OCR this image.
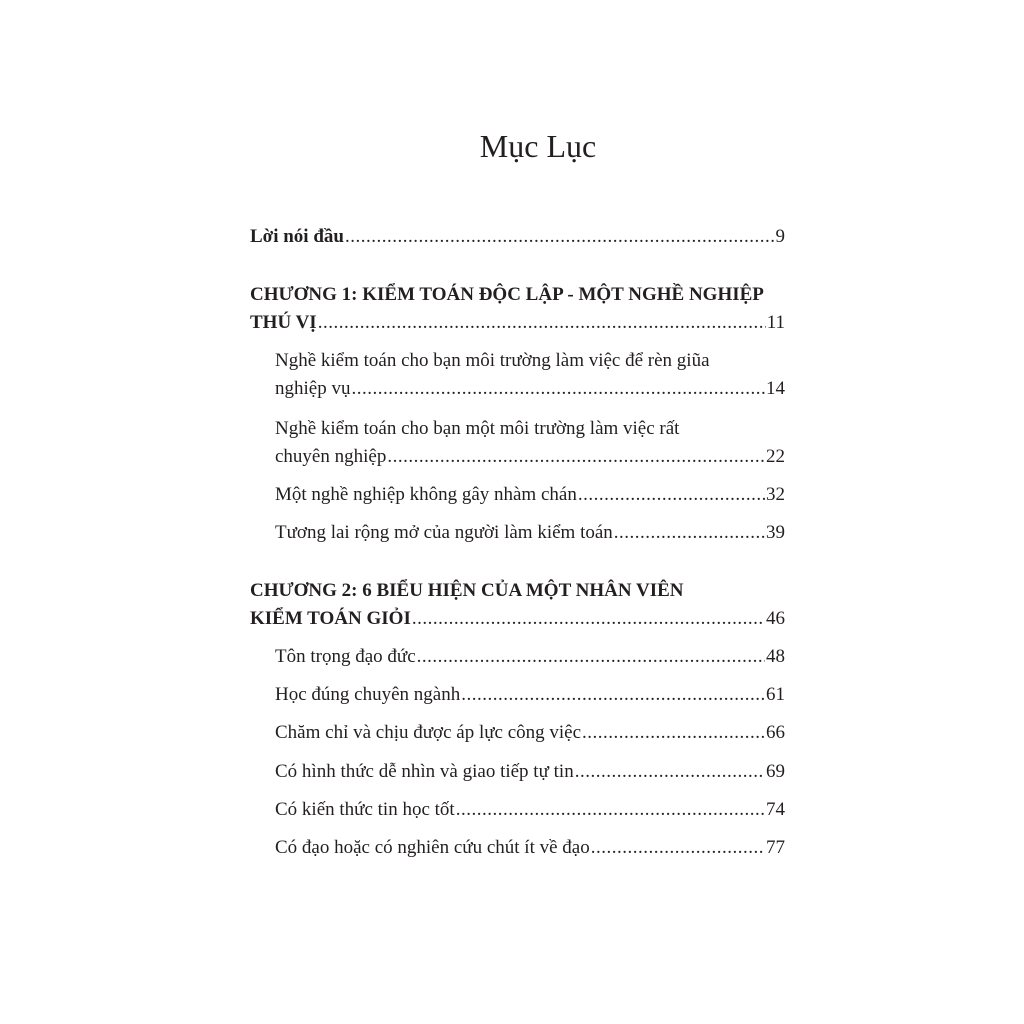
Mục Lục
Lời nói đầu .....	9
CHƯƠNG 1: KIỂM TOÁN ĐỘC LẬP - MỘT NGHỀ NGHIỆP
THÚ VỊ .....	11
Nghề kiểm toán cho bạn môi trường làm việc để rèn giũa
nghiệp vụ .....	14
Nghề kiểm toán cho bạn một môi trường làm việc rất
chuyên nghiệp .....	22
Một nghề nghiệp không gây nhàm chán .....	32
Tương lai rộng mở của người làm kiểm toán .....	39
CHƯƠNG 2: 6 BIỂU HIỆN CỦA MỘT NHÂN VIÊN
KIỂM TOÁN GIỎI .....	46
Tôn trọng đạo đức .....	48
Học đúng chuyên ngành .....	61
Chăm chỉ và chịu được áp lực công việc .....	66
Có hình thức dễ nhìn và giao tiếp tự tin .....	69
Có kiến thức tin học tốt .....	74
Có đạo hoặc có nghiên cứu chút ít về đạo .....	77
